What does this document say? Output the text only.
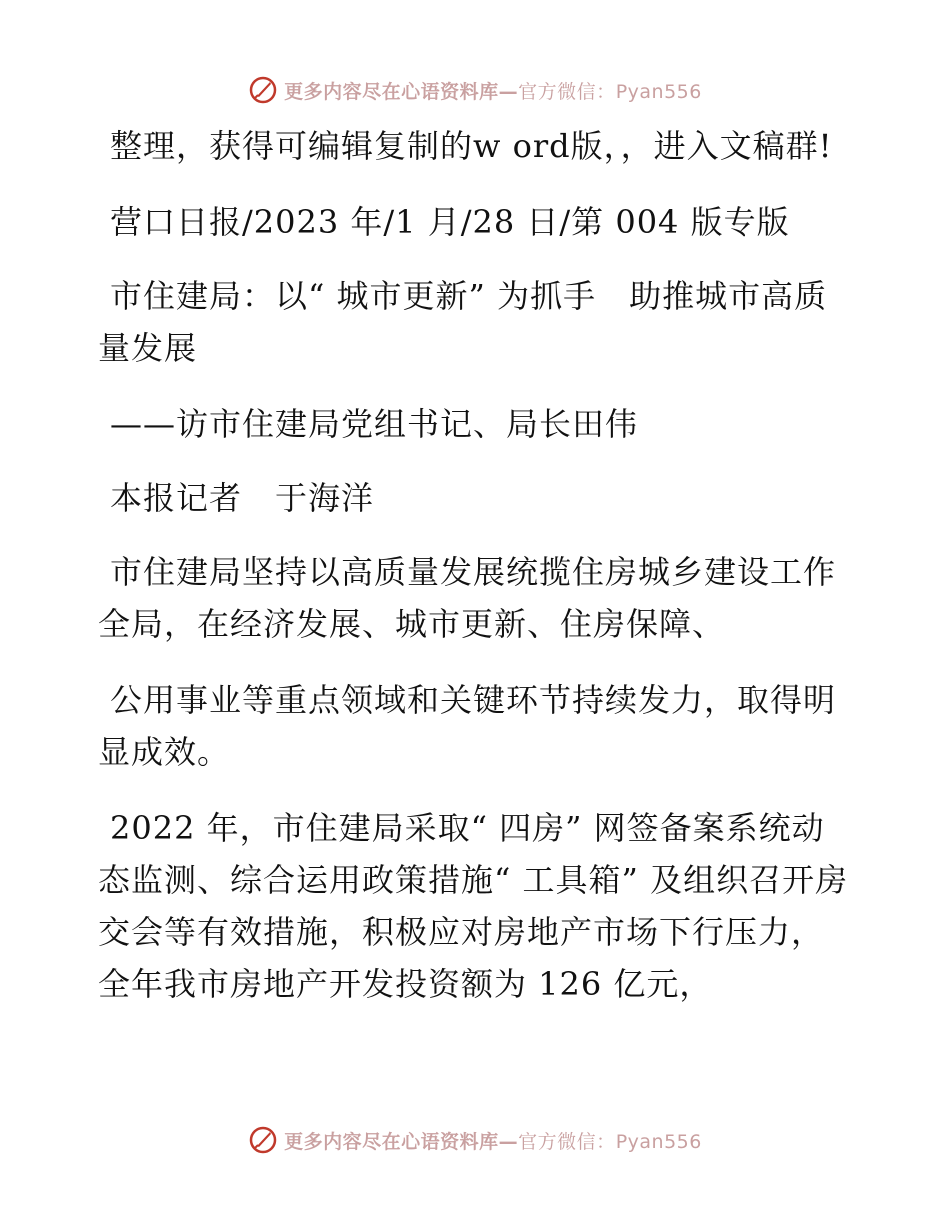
更多内容尽在心语资料库—官方微信：Pyan556

整理，获得可编辑复制的w ord版，，进入文稿群!

营口日报/2023 年/1 月/28 日/第 004 版专版

市住建局：以“ 城市更新” 为抓手　助推城市高质量发展

——访市住建局党组书记、局长田伟

本报记者　于海洋

市住建局坚持以高质量发展统揽住房城乡建设工作全局，在经济发展、城市更新、住房保障、

公用事业等重点领域和关键环节持续发力，取得明显成效。

2022 年，市住建局采取“ 四房” 网签备案系统动态监测、综合运用政策措施“ 工具箱” 及组织召开房交会等有效措施，积极应对房地产市场下行压力，全年我市房地产开发投资额为 126 亿元，

更多内容尽在心语资料库—官方微信：Pyan556
